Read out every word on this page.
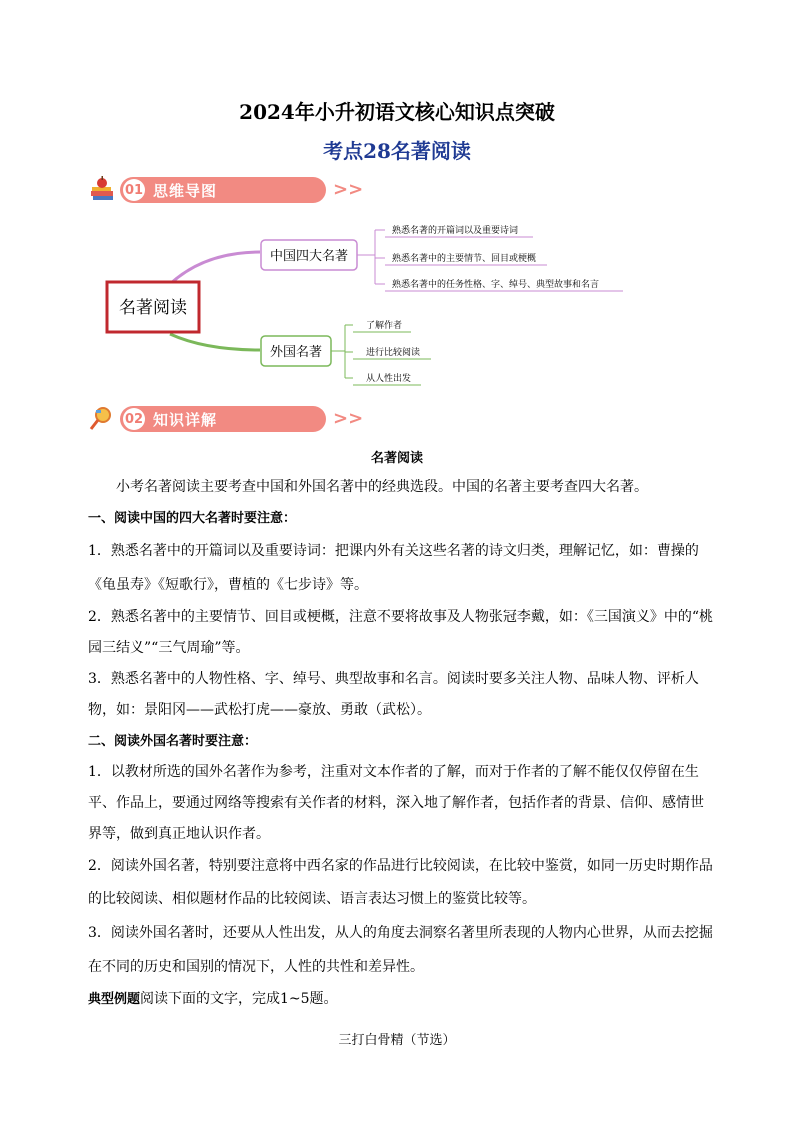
2024年小升初语文核心知识点突破
考点28名著阅读
01 思维导图	>>
名著阅读
中国四大名著
熟悉名著的开篇词以及重要诗词
熟悉名著中的主要情节、回目或梗概
熟悉名著中的任务性格、字、绰号、典型故事和名言
外国名著
了解作者
进行比较阅读
从人性出发
02 知识详解	>>
名著阅读

小考名著阅读主要考查中国和外国名著中的经典选段。中国的名著主要考查四大名著。

一、阅读中国的四大名著时要注意：

1．熟悉名著中的开篇词以及重要诗词：把课内外有关这些名著的诗文归类，理解记忆，如：曹操的《龟虽寿》《短歌行》，曹植的《七步诗》等。

2．熟悉名著中的主要情节、回目或梗概，注意不要将故事及人物张冠李戴，如：《三国演义》中的“桃园三结义”“三气周瑜”等。

3．熟悉名著中的人物性格、字、绰号、典型故事和名言。阅读时要多关注人物、品味人物、评析人物，如：景阳冈——武松打虎——豪放、勇敢（武松）。

二、阅读外国名著时要注意：

1．以教材所选的国外名著作为参考，注重对文本作者的了解，而对于作者的了解不能仅仅停留在生平、作品上，要通过网络等搜索有关作者的材料，深入地了解作者，包括作者的背景、信仰、感情世界等，做到真正地认识作者。

2．阅读外国名著，特别要注意将中西名家的作品进行比较阅读，在比较中鉴赏，如同一历史时期作品的比较阅读、相似题材作品的比较阅读、语言表达习惯上的鉴赏比较等。

3．阅读外国名著时，还要从人性出发，从人的角度去洞察名著里所表现的人物内心世界，从而去挖掘在不同的历史和国别的情况下，人性的共性和差异性。

典型例题阅读下面的文字，完成1~5题。

三打白骨精（节选）
